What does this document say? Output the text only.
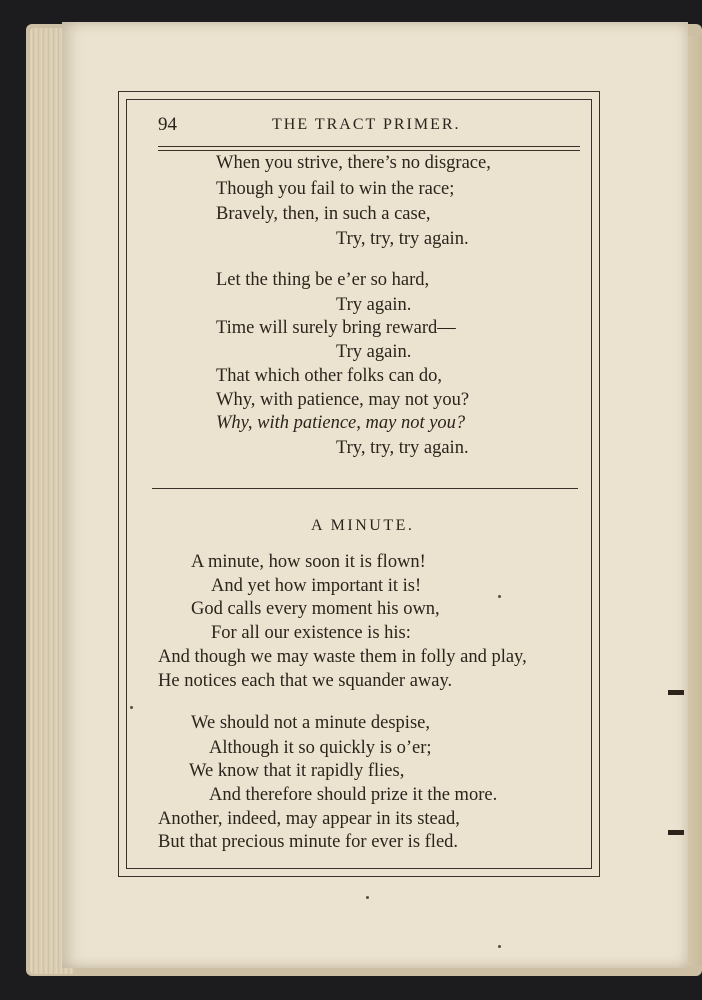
94	THE TRACT PRIMER.
When you strive, there’s no disgrace,
Though you fail to win the race;
Bravely, then, in such a case,
Try, try, try again.
Let the thing be e’er so hard,
Try again.
Time will surely bring reward—
Try again.
That which other folks can do,
Why, with patience, may not you?
Why, with patience, may not you?
Try, try, try again.
A MINUTE.
A minute, how soon it is flown!
And yet how important it is!
God calls every moment his own,
For all our existence is his:
And though we may waste them in folly and play,
He notices each that we squander away.
We should not a minute despise,
Although it so quickly is o’er;
We know that it rapidly flies,
And therefore should prize it the more.
Another, indeed, may appear in its stead,
But that precious minute for ever is fled.
